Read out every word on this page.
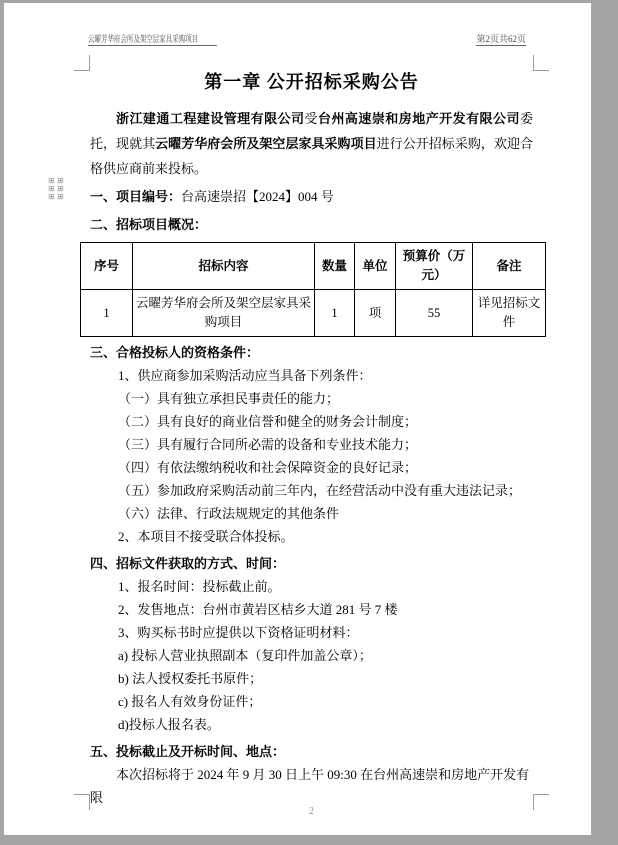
云曜芳华府会所及架空层家具采购项目	第2页共62页
⊞ ⊞
⊞ ⊞
⊞ ⊞
第一章 公开招标采购公告

浙江建通工程建设管理有限公司受台州高速崇和房地产开发有限公司委托，现就其云曜芳华府会所及架空层家具采购项目进行公开招标采购，欢迎合格供应商前来投标。

一、项目编号：台高速崇招【2024】004 号

二、招标项目概况：

序号	招标内容	数量	单位	预算价（万元）	备注
1	云曜芳华府会所及架空层家具采购项目	1	项	55	详见招标文件

三、合格投标人的资格条件：

1、供应商参加采购活动应当具备下列条件：

（一）具有独立承担民事责任的能力；

（二）具有良好的商业信誉和健全的财务会计制度；

（三）具有履行合同所必需的设备和专业技术能力；

（四）有依法缴纳税收和社会保障资金的良好记录；

（五）参加政府采购活动前三年内，在经营活动中没有重大违法记录；

（六）法律、行政法规规定的其他条件

2、本项目不接受联合体投标。

四、招标文件获取的方式、时间：

1、报名时间：投标截止前。

2、发售地点：台州市黄岩区桔乡大道 281 号 7 楼

3、购买标书时应提供以下资格证明材料：

a) 投标人营业执照副本（复印件加盖公章）；

b) 法人授权委托书原件；

c) 报名人有效身份证件；

d)投标人报名表。

五、投标截止及开标时间、地点：

本次招标将于 2024 年 9 月 30 日上午 09:30 在台州高速崇和房地产开发有限

2
